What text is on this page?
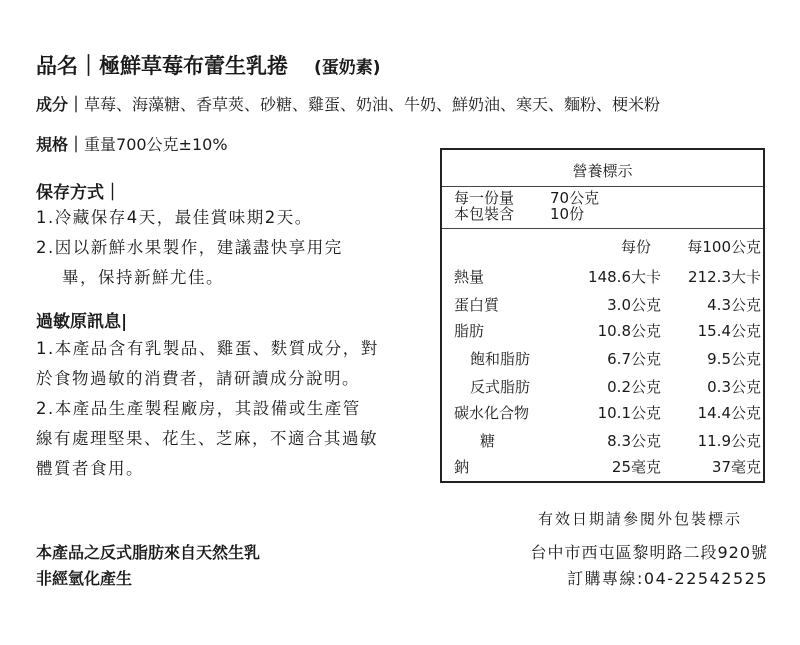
品名｜極鮮草莓布蕾生乳捲 (蛋奶素)
成分｜草莓、海藻糖、香草莢、砂糖、雞蛋、奶油、牛奶、鮮奶油、寒天、麵粉、梗米粉
規格｜重量700公克±10%
保存方式｜
1.冷藏保存4天，最佳賞味期2天。
2.因以新鮮水果製作，建議盡快享用完
畢，保持新鮮尤佳。
過敏原訊息|
1.本產品含有乳製品、雞蛋、麩質成分，對
於食物過敏的消費者，請研讀成分說明。
2.本產品生產製程廠房，其設備或生產管
線有處理堅果、花生、芝麻，不適合其過敏
體質者食用。
營養標示
每一份量 70公克
本包裝含 10份
每份 每100公克
熱量	148.6大卡 212.3大卡
蛋白質	3.0公克	4.3公克
脂肪	10.8公克 15.4公克
飽和脂肪	6.7公克	9.5公克
反式脂肪	0.2公克	0.3公克
碳水化合物	10.1公克 14.4公克
糖	8.3公克 11.9公克
鈉	25毫克	37毫克
有效日期請參閱外包裝標示
本產品之反式脂肪來自天然生乳
非經氫化產生
台中市西屯區黎明路二段920號
訂購專線:04-22542525
